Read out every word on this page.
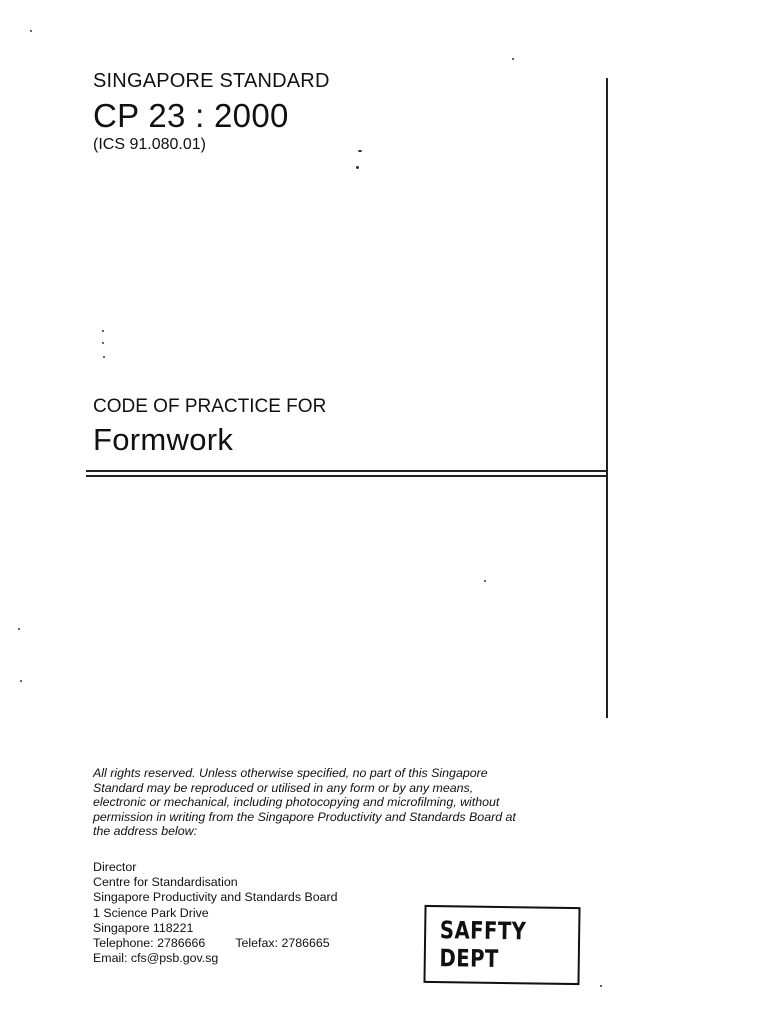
SINGAPORE STANDARD
CP 23 : 2000
(ICS 91.080.01)
CODE OF PRACTICE FOR
Formwork
All rights reserved. Unless otherwise specified, no part of this Singapore
Standard may be reproduced or utilised in any form or by any means,
electronic or mechanical, including photocopying and microfilming, without
permission in writing from the Singapore Productivity and Standards Board at
the address below:
Director
Centre for Standardisation
Singapore Productivity and Standards Board
1 Science Park Drive
Singapore 118221
Telephone: 2786666 Telefax: 2786665
Email: cfs@psb.gov.sg
SAFFTY DEPT
